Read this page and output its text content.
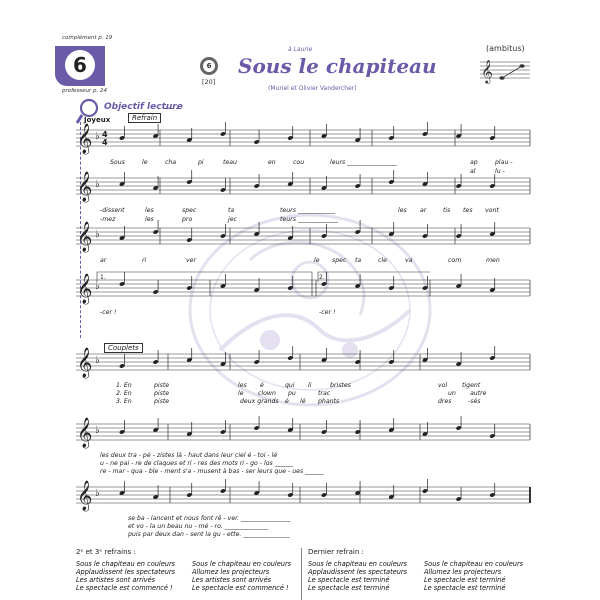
complément p. 19
6
professeur p. 24
6
[20]
à Laurie
Sous le chapiteau
(Muriel et Olivier Vandercher)
(ambitus)
𝄞
Objectif lecture
Joyeux	Refrain
𝄞 ♭ 4
4
𝄞 ♭
𝄞 ♭
𝄞 ♭
𝄞 ♭
𝄞 ♭
𝄞 ♭
Sous	le	cha	pi	teau	en	cou	leurs ________________	ap	plau -
al	lu -
-dissent	les	spec	ta	teurs ____________	les ar	tis tes vont
-mez	les	pro	jec	teurs _____________
ar	ri	ver	le spec ta	cle	va	com	men
1.	2.
-cer !	-cer !
Couplets
1. En	piste	les é	qui li	bristes	vol tigent
2. En	piste	le clown pu	trac	un autre
3. En	piste	deux grands é lé phants	dres	-sés
les deux tra - pé - zistes là - haut dans leur ciel é - toi - lé
u - ne pai - re de claques et ri - res des mots ri - go - los ______
re - mar - qua - ble - ment s'a - musent à bas - ser leurs que - ues ______
se ba - lancent et nous font rê - ver. ________________
et vo - la un beau nu - mé - ro. ______________
puis par deux dan - sent la gu - ette. _______________
2ᵉ et 3ᵉ refrains :	Dernier refrain :
Sous le chapiteau en couleurs
Applaudissent les spectateurs
Les artistes sont arrivés
Le spectacle est commencé !
Sous le chapiteau en couleurs
Allumez les projecteurs
Les artistes sont arrivés
Le spectacle est commencé !
Sous le chapiteau en couleurs
Applaudissent les spectateurs
Le spectacle est terminé
Le spectacle est terminé
Sous le chapiteau en couleurs
Allumez les projecteurs
Le spectacle est terminé
Le spectacle est terminé
